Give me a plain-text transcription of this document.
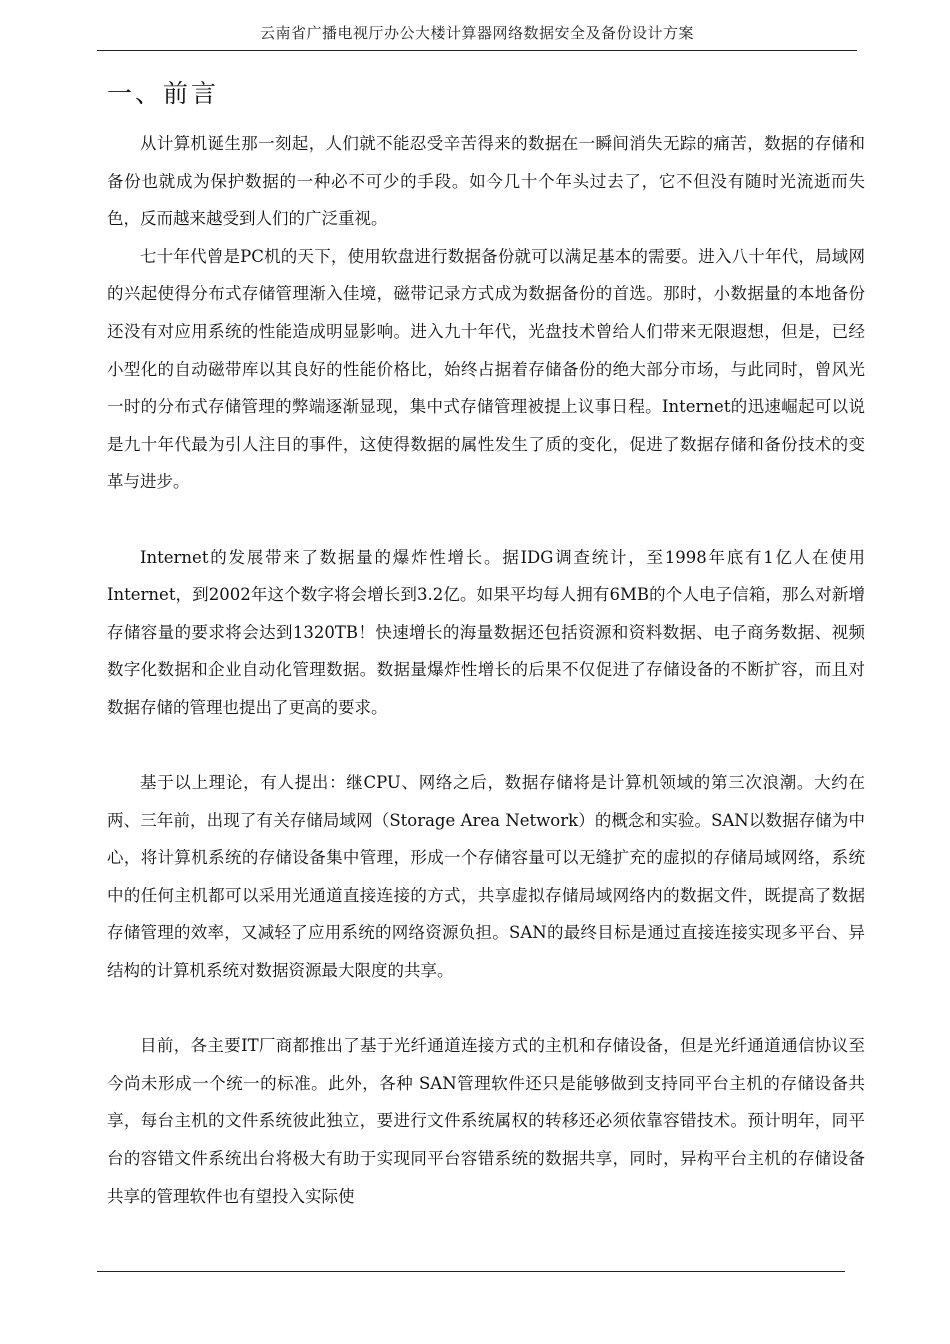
云南省广播电视厅办公大楼计算器网络数据安全及备份设计方案
一、前言

从计算机诞生那一刻起，人们就不能忍受辛苦得来的数据在一瞬间消失无踪的痛苦，数据的存储和备份也就成为保护数据的一种必不可少的手段。如今几十个年头过去了，它不但没有随时光流逝而失色，反而越来越受到人们的广泛重视。

七十年代曾是PC机的天下，使用软盘进行数据备份就可以满足基本的需要。进入八十年代，局域网的兴起使得分布式存储管理渐入佳境，磁带记录方式成为数据备份的首选。那时，小数据量的本地备份还没有对应用系统的性能造成明显影响。进入九十年代，光盘技术曾给人们带来无限遐想，但是，已经小型化的自动磁带库以其良好的性能价格比，始终占据着存储备份的绝大部分市场，与此同时，曾风光一时的分布式存储管理的弊端逐渐显现，集中式存储管理被提上议事日程。Internet的迅速崛起可以说是九十年代最为引人注目的事件，这使得数据的属性发生了质的变化，促进了数据存储和备份技术的变革与进步。

Internet的发展带来了数据量的爆炸性增长。据IDG调查统计，至1998年底有1亿人在使用Internet，到2002年这个数字将会增长到3.2亿。如果平均每人拥有6MB的个人电子信箱，那么对新增存储容量的要求将会达到1320TB！快速增长的海量数据还包括资源和资料数据、电子商务数据、视频数字化数据和企业自动化管理数据。数据量爆炸性增长的后果不仅促进了存储设备的不断扩容，而且对数据存储的管理也提出了更高的要求。

基于以上理论，有人提出：继CPU、网络之后，数据存储将是计算机领域的第三次浪潮。大约在两、三年前，出现了有关存储局域网（Storage Area Network）的概念和实验。SAN以数据存储为中心，将计算机系统的存储设备集中管理，形成一个存储容量可以无缝扩充的虚拟的存储局域网络，系统中的任何主机都可以采用光通道直接连接的方式，共享虚拟存储局域网络内的数据文件，既提高了数据存储管理的效率，又减轻了应用系统的网络资源负担。SAN的最终目标是通过直接连接实现多平台、异结构的计算机系统对数据资源最大限度的共享。

目前，各主要IT厂商都推出了基于光纤通道连接方式的主机和存储设备，但是光纤通道通信协议至今尚未形成一个统一的标准。此外，各种 SAN管理软件还只是能够做到支持同平台主机的存储设备共享，每台主机的文件系统彼此独立，要进行文件系统属权的转移还必须依靠容错技术。预计明年，同平台的容错文件系统出台将极大有助于实现同平台容错系统的数据共享，同时，异构平台主机的存储设备共享的管理软件也有望投入实际使
